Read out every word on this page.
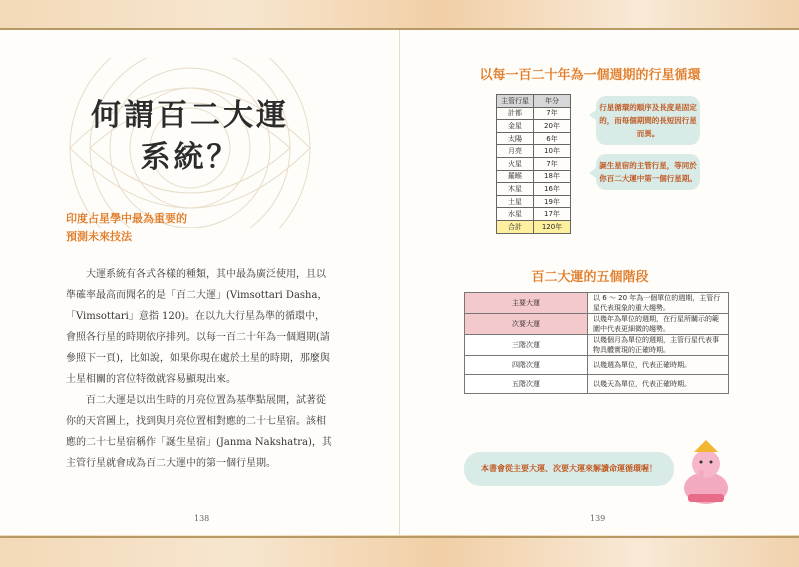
何謂百二大運
系統？
印度占星學中最為重要的
預測未來技法

大運系統有各式各樣的種類，其中最為廣泛使用，且以準確率最高而聞名的是「百二大運」(Vimsottari Dasha，「Vimsottari」意指 120)。在以九大行星為準的循環中，會照各行星的時期依序排列。以每一百二十年為一個週期(請參照下一頁)，比如說，如果你現在處於土星的時期，那麼與土星相關的宮位特徵就容易顯現出來。

百二大運是以出生時的月亮位置為基準點展開，試著從你的天宮圖上，找到與月亮位置相對應的二十七星宿。該相應的二十七星宿稱作「誕生星宿」(Janma Nakshatra)，其主管行星就會成為百二大運中的第一個行星期。

138
以每一百二十年為一個週期的行星循環
主管行星	年分
計都	7年
金星	20年
太陽	6年
月亮	10年
火星	7年
羅睺	18年
木星	16年
土星	19年
水星	17年
合計	120年
行星循環的順序及長度是固定的，而每個期間的長短因行星而異。
誕生星宿的主管行星，等同於你百二大運中第一個行星期。
百二大運的五個階段
主要大運	以 6 ～ 20 年為一個單位的週期，主管行星代表現象的重大趨勢。
次要大運	以幾年為單位的週期，在行星所關示的範圍中代表更細微的趨勢。
三階次運	以幾個月為單位的週期，主管行星代表事物具體實現的正確時期。
四階次運	以幾週為單位，代表正確時期。
五階次運	以幾天為單位，代表正確時期。
本書會從主要大運、次要大運來解讀命運循環喔！
139
